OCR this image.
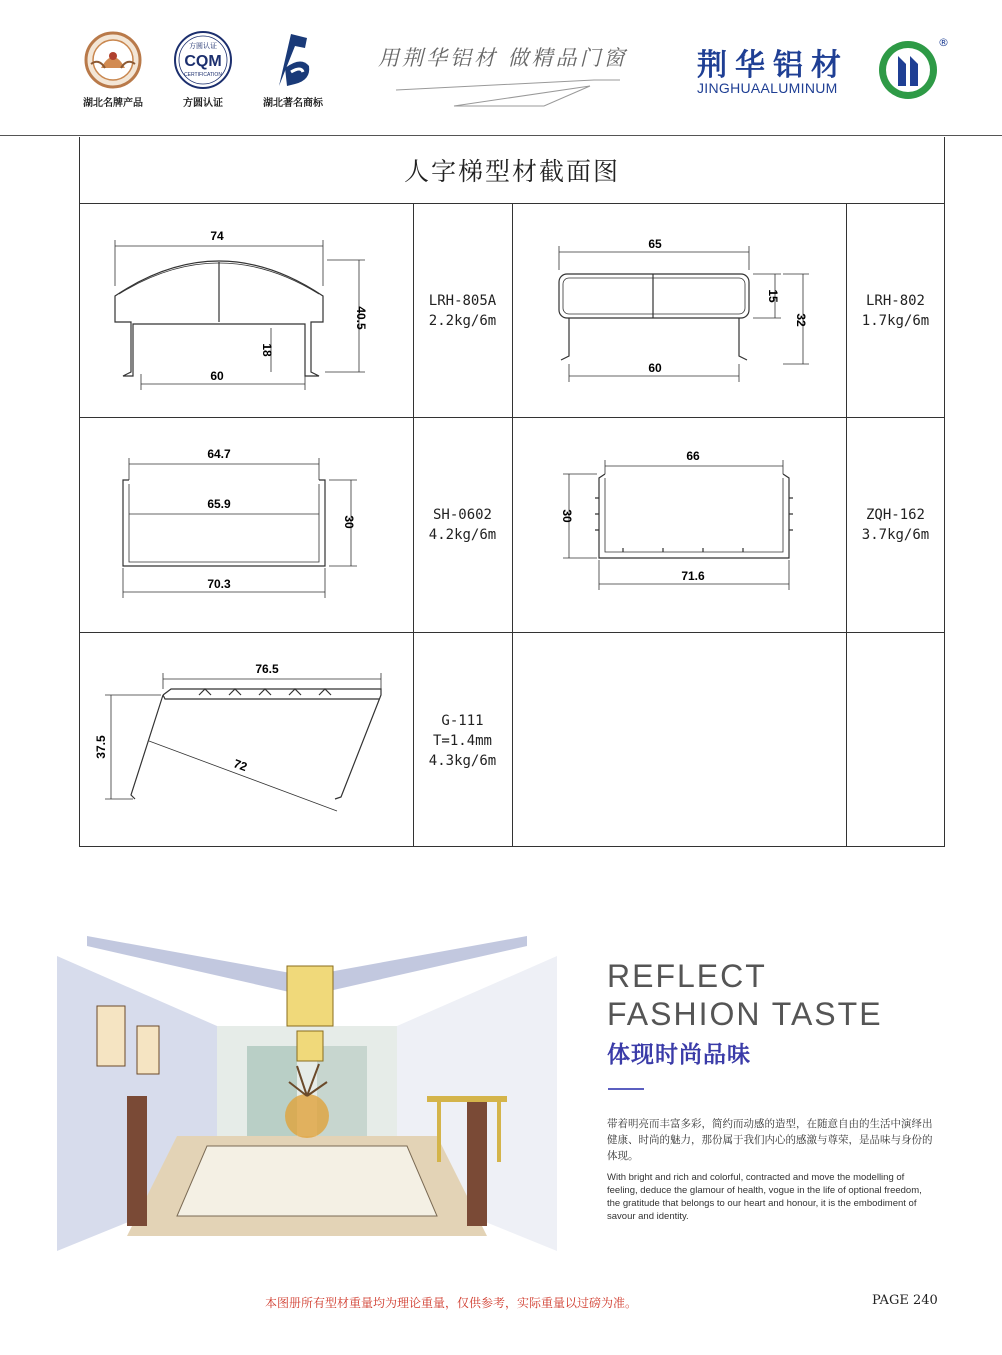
湖北名牌产品
方圆认证
CQM
CERTIFICATION
方圆认证	湖北著名商标
用荆华铝材 做精品门窗 荆华铝材
JINGHUAALUMINUM
®
人字梯型材截面图
74
40.5
18
60
LRH-805A
2.2kg/6m
65
15
32
60
LRH-802
1.7kg/6m
64.7
65.9
30
70.3
SH-0602
4.2kg/6m
66
30
71.6
ZQH-162
3.7kg/6m
76.5
37.5
72
G-111
T=1.4mm
4.3kg/6m
REFLECT
FASHION TASTE
体现时尚品味
带着明亮而丰富多彩，简约而动感的造型，在随意自由的生活中演绎出健康、时尚的魅力，那份属于我们内心的感激与尊荣，是品味与身份的体现。
With bright and rich and colorful, contracted and move the modelling of feeling, deduce the glamour of health, vogue in the life of optional freedom, the gratitude that belongs to our heart and honour, it is the embodiment of savour and identity.
本图册所有型材重量均为理论重量，仅供参考，实际重量以过磅为准。	PAGE 240
